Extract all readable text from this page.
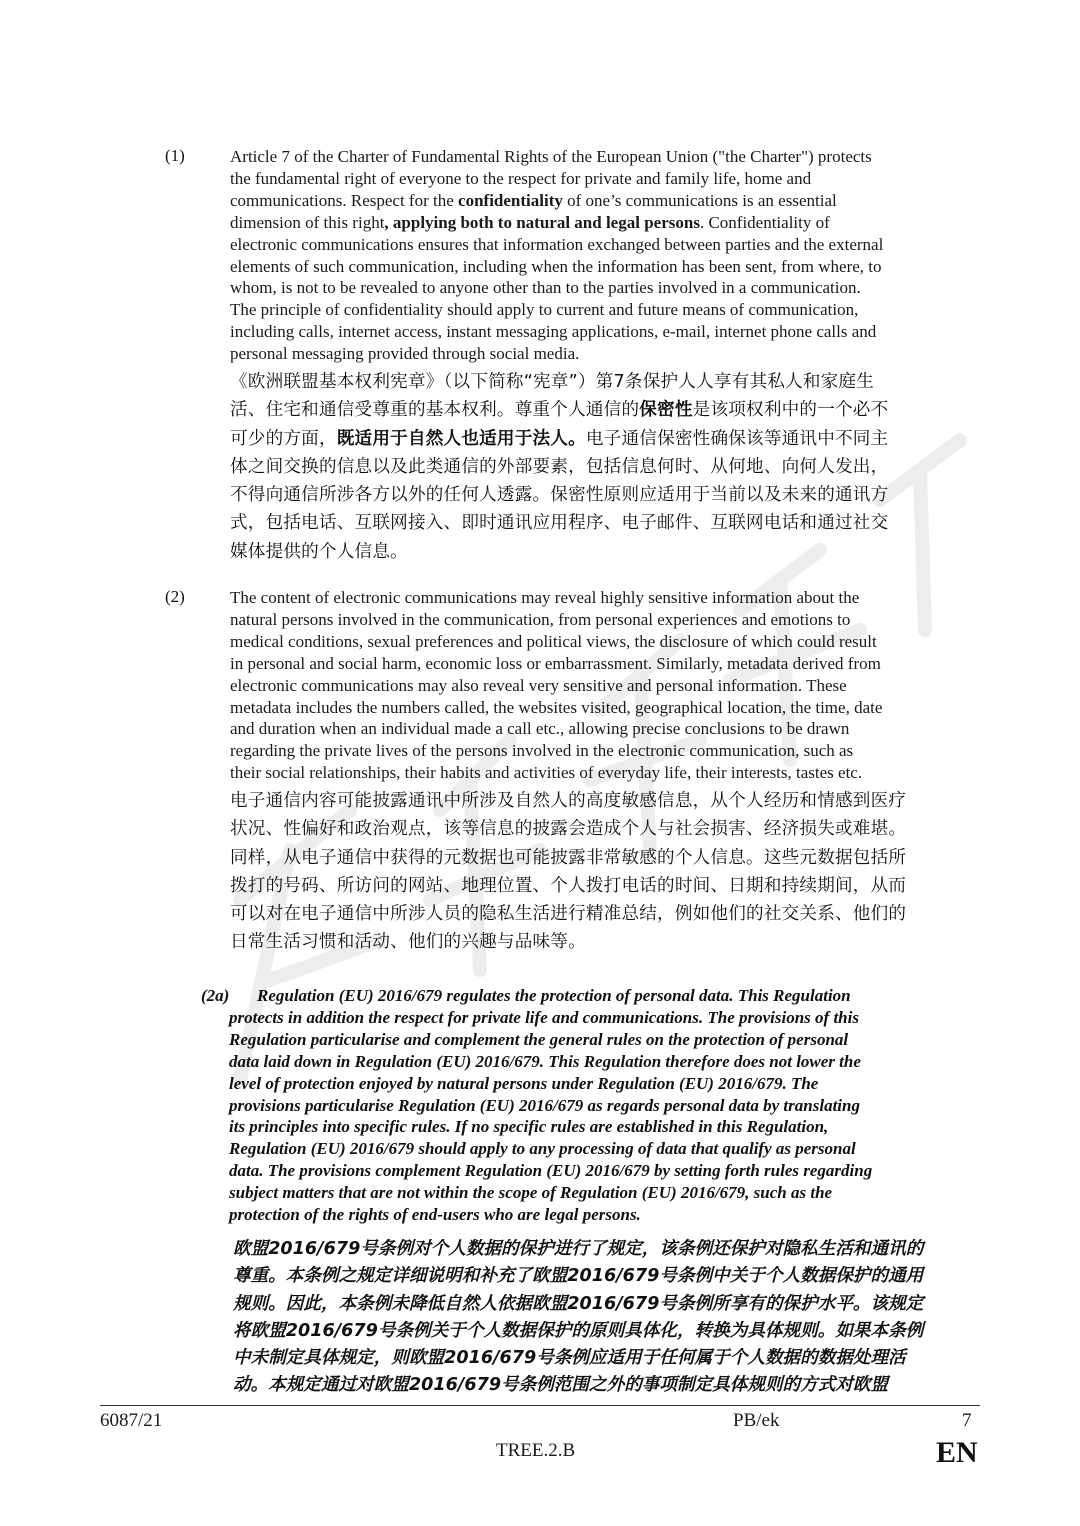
(1)	Article 7 of the Charter of Fundamental Rights of the European Union ("the Charter") protects
the fundamental right of everyone to the respect for private and family life, home and
communications. Respect for the confidentiality of one’s communications is an essential
dimension of this right, applying both to natural and legal persons. Confidentiality of
electronic communications ensures that information exchanged between parties and the external
elements of such communication, including when the information has been sent, from where, to
whom, is not to be revealed to anyone other than to the parties involved in a communication.
The principle of confidentiality should apply to current and future means of communication,
including calls, internet access, instant messaging applications, e-mail, internet phone calls and
personal messaging provided through social media.
《欧洲联盟基本权利宪章》（以下简称“宪章”）第7条保护人人享有其私人和家庭生
活、住宅和通信受尊重的基本权利。尊重个人通信的保密性是该项权利中的一个必不
可少的方面，既适用于自然人也适用于法人。电子通信保密性确保该等通讯中不同主
体之间交换的信息以及此类通信的外部要素，包括信息何时、从何地、向何人发出，
不得向通信所涉各方以外的任何人透露。保密性原则应适用于当前以及未来的通讯方
式，包括电话、互联网接入、即时通讯应用程序、电子邮件、互联网电话和通过社交
媒体提供的个人信息。
(2)	The content of electronic communications may reveal highly sensitive information about the
natural persons involved in the communication, from personal experiences and emotions to
medical conditions, sexual preferences and political views, the disclosure of which could result
in personal and social harm, economic loss or embarrassment. Similarly, metadata derived from
electronic communications may also reveal very sensitive and personal information. These
metadata includes the numbers called, the websites visited, geographical location, the time, date
and duration when an individual made a call etc., allowing precise conclusions to be drawn
regarding the private lives of the persons involved in the electronic communication, such as
their social relationships, their habits and activities of everyday life, their interests, tastes etc.
电子通信内容可能披露通讯中所涉及自然人的高度敏感信息，从个人经历和情感到医疗
状况、性偏好和政治观点，该等信息的披露会造成个人与社会损害、经济损失或难堪。
同样，从电子通信中获得的元数据也可能披露非常敏感的个人信息。这些元数据包括所
拨打的号码、所访问的网站、地理位置、个人拨打电话的时间、日期和持续期间，从而
可以对在电子通信中所涉人员的隐私生活进行精准总结，例如他们的社交关系、他们的
日常生活习惯和活动、他们的兴趣与品味等。
(2a)	Regulation (EU) 2016/679 regulates the protection of personal data. This Regulation
protects in addition the respect for private life and communications. The provisions of this
Regulation particularise and complement the general rules on the protection of personal
data laid down in Regulation (EU) 2016/679. This Regulation therefore does not lower the
level of protection enjoyed by natural persons under Regulation (EU) 2016/679. The
provisions particularise Regulation (EU) 2016/679 as regards personal data by translating
its principles into specific rules. If no specific rules are established in this Regulation,
Regulation (EU) 2016/679 should apply to any processing of data that qualify as personal
data. The provisions complement Regulation (EU) 2016/679 by setting forth rules regarding
subject matters that are not within the scope of Regulation (EU) 2016/679, such as the
protection of the rights of end-users who are legal persons.
欧盟2016/679号条例对个人数据的保护进行了规定，该条例还保护对隐私生活和通讯的
尊重。本条例之规定详细说明和补充了欧盟2016/679号条例中关于个人数据保护的通用
规则。因此，本条例未降低自然人依据欧盟2016/679号条例所享有的保护水平。该规定
将欧盟2016/679号条例关于个人数据保护的原则具体化，转换为具体规则。如果本条例
中未制定具体规定，则欧盟2016/679号条例应适用于任何属于个人数据的数据处理活
动。本规定通过对欧盟2016/679号条例范围之外的事项制定具体规则的方式对欧盟
6087/21	PB/ek	7
TREE.2.B	EN
